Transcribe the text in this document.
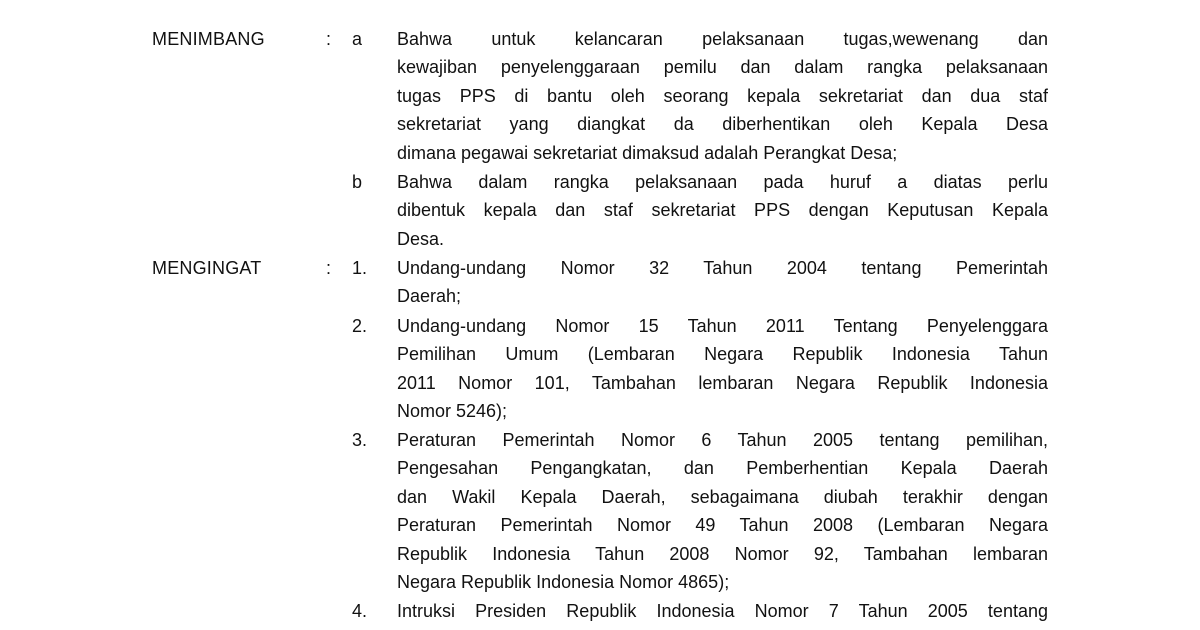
MENIMBANG	: a Bahwa untuk kelancaran pelaksanaan tugas,wewenang dan
kewajiban penyelenggaraan pemilu dan dalam rangka pelaksanaan
tugas PPS di bantu oleh seorang kepala sekretariat dan dua staf
sekretariat yang diangkat da diberhentikan oleh Kepala Desa
dimana pegawai sekretariat dimaksud adalah Perangkat Desa;
b Bahwa dalam rangka pelaksanaan pada huruf a diatas perlu
dibentuk kepala dan staf sekretariat PPS dengan Keputusan Kepala
Desa.
MENGINGAT	: 1. Undang-undang Nomor 32 Tahun 2004 tentang Pemerintah
Daerah;
2. Undang-undang Nomor 15 Tahun 2011 Tentang Penyelenggara
Pemilihan Umum (Lembaran Negara Republik Indonesia Tahun
2011 Nomor 101, Tambahan lembaran Negara Republik Indonesia
Nomor 5246);
3. Peraturan Pemerintah Nomor 6 Tahun 2005 tentang pemilihan,
Pengesahan Pengangkatan, dan Pemberhentian Kepala Daerah
dan Wakil Kepala Daerah, sebagaimana diubah terakhir dengan
Peraturan Pemerintah Nomor 49 Tahun 2008 (Lembaran Negara
Republik Indonesia Tahun 2008 Nomor 92, Tambahan lembaran
Negara Republik Indonesia Nomor 4865);
4. Intruksi Presiden Republik Indonesia Nomor 7 Tahun 2005 tentang
